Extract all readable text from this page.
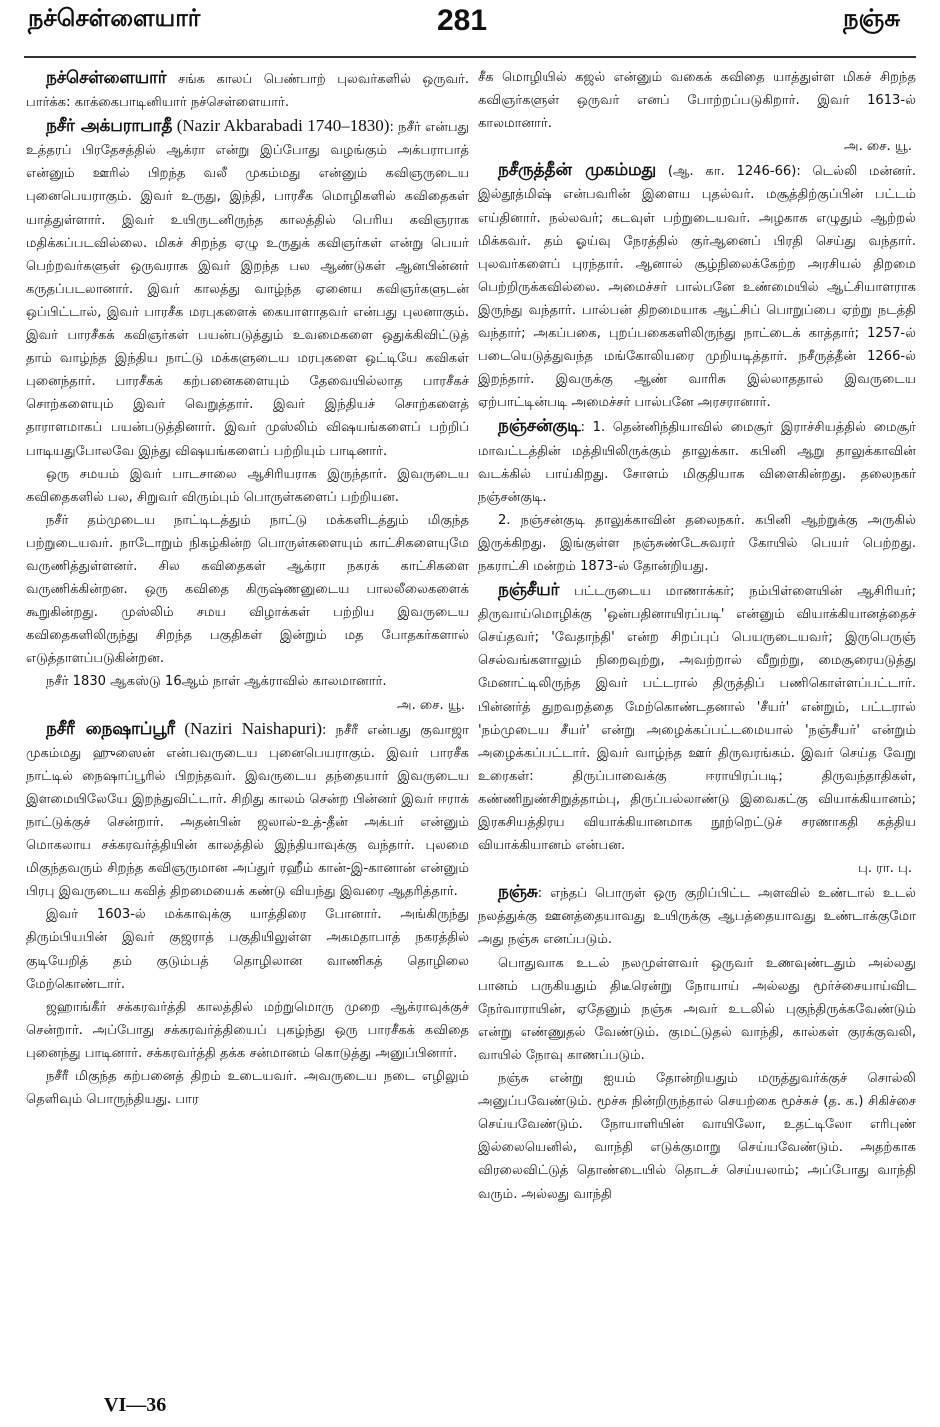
நச்செள்ளையார்	281	நஞ்சு

நச்செள்ளையார் சங்க காலப் பெண்பாற் புலவர்களில் ஒருவர். பார்க்க: காக்கைபாடினியார் நச்செள்ளையார்.

நசீர் அக்பராபாதீ (Nazir Akbarabadi 1740–1830): நசீர் என்பது உத்தரப் பிரதேசத்தில் ஆக்ரா என்று இப்போது வழங்கும் அக்பராபாத் என்னும் ஊரில் பிறந்த வலீ முகம்மது என்னும் கவிஞருடைய புனைபெயராகும். இவர் உருது, இந்தி, பாரசீக மொழிகளில் கவிதைகள் யாத்துள்ளார். இவர் உயிருடனிருந்த காலத்தில் பெரிய கவிஞராக மதிக்கப்படவில்லை. மிகச் சிறந்த ஏழு உருதுக் கவிஞர்கள் என்று பெயர் பெற்றவர்களுள் ஒருவராக இவர் இறந்த பல ஆண்டுகள் ஆனபின்னர் கருதப்படலானார். இவர் காலத்து வாழ்ந்த ஏனைய கவிஞர்களுடன் ஒப்பிட்டால், இவர் பாரசீக மரபுகளைக் கையாளாதவர் என்பது புலனாகும். இவர் பாரசீகக் கவிஞர்கள் பயன்படுத்தும் உவமைகளை ஒதுக்கிவிட்டுத் தாம் வாழ்ந்த இந்திய நாட்டு மக்களுடைய மரபுகளை ஒட்டியே கவிகள் புனைந்தார். பாரசீகக் கற்பனைகளையும் தேவையில்லாத பாரசீகச் சொற்களையும் இவர் வெறுத்தார். இவர் இந்தியச் சொற்களைத் தாராளமாகப் பயன்படுத்தினார். இவர் முஸ்லிம் விஷயங்களைப் பற்றிப் பாடியதுபோலவே இந்து விஷயங்களைப் பற்றியும் பாடினார்.

ஒரு சமயம் இவர் பாடசாலை ஆசிரியராக இருந்தார். இவருடைய கவிதைகளில் பல, சிறுவர் விரும்பும் பொருள்களைப் பற்றியன.

நசீர் தம்முடைய நாட்டிடத்தும் நாட்டு மக்களிடத்தும் மிகுந்த பற்றுடையவர். நாடோறும் நிகழ்கின்ற பொருள்களையும் காட்சிகளையுமே வருணித்துள்ளனர். சில கவிதைகள் ஆக்ரா நகரக் காட்சிகளை வருணிக்கின்றன. ஒரு கவிதை கிருஷ்ணனுடைய பாலலீலைகளைக் கூறுகின்றது. முஸ்லிம் சமய விழாக்கள் பற்றிய இவருடைய கவிதைகளிலிருந்து சிறந்த பகுதிகள் இன்றும் மத போதகர்களால் எடுத்தாளப்படுகின்றன.

நசீர் 1830 ஆகஸ்டு 16ஆம் நாள் ஆக்ராவில் காலமானார்.

அ. சை. யூ.

நசீரீ நைஷாப்பூரீ (Naziri Naishapuri): நசீரீ என்பது குவாஜா முகம்மது ஹுஸைன் என்பவருடைய புனைபெயராகும். இவர் பாரசீக நாட்டில் நைஷாப்பூரில் பிறந்தவர். இவருடைய தந்தையார் இவருடைய இளமையிலேயே இறந்துவிட்டார். சிறிது காலம் சென்ற பின்னர் இவர் ஈராக் நாட்டுக்குச் சென்றார். அதன்பின் ஜலால்-உத்-தீன் அக்பர் என்னும் மொகலாய சக்கரவர்த்தியின் காலத்தில் இந்தியாவுக்கு வந்தார். புலமை மிகுந்தவரும் சிறந்த கவிஞருமான அப்துர் ரஹீம் கான்-இ-கானான் என்னும் பிரபு இவருடைய கவித் திறமையைக் கண்டு வியந்து இவரை ஆதரித்தார்.

இவர் 1603-ல் மக்காவுக்கு யாத்திரை போனார். அங்கிருந்து திரும்பியபின் இவர் குஜராத் பகுதியிலுள்ள அகமதாபாத் நகரத்தில் குடியேறித் தம் குடும்பத் தொழிலான வாணிகத் தொழிலை மேற்கொண்டார்.

ஜஹாங்கீர் சக்கரவர்த்தி காலத்தில் மற்றுமொரு முறை ஆக்ராவுக்குச் சென்றார். அப்போது சக்கரவர்த்தியைப் புகழ்ந்து ஒரு பாரசீகக் கவிதை புனைந்து பாடினார். சக்கரவர்த்தி தக்க சன்மானம் கொடுத்து அனுப்பினார்.

நசீரீ மிகுந்த கற்பனைத் திறம் உடையவர். அவருடைய நடை எழிலும் தெளிவும் பொருந்தியது. பார

சீக மொழியில் கஜல் என்னும் வகைக் கவிதை யாத்துள்ள மிகச் சிறந்த கவிஞர்களுள் ஒருவர் எனப் போற்றப்படுகிறார். இவர் 1613-ல் காலமானார்.

அ. சை. யூ.

நசீருத்தீன் முகம்மது (ஆ. கா. 1246-66): டெல்லி மன்னர். இல்தூத்மிஷ் என்பவரின் இளைய புதல்வர். மசூத்திற்குப்பின் பட்டம் எய்தினார். நல்லவர்; கடவுள் பற்றுடையவர். அழகாக எழுதும் ஆற்றல் மிக்கவர். தம் ஓய்வு நேரத்தில் குர்ஆனைப் பிரதி செய்து வந்தார். புலவர்களைப் புரந்தார். ஆனால் சூழ்நிலைக்கேற்ற அரசியல் திறமை பெற்றிருக்கவில்லை. அமைச்சர் பால்பனே உண்மையில் ஆட்சியாளராக இருந்து வந்தார். பால்பன் திறமையாக ஆட்சிப் பொறுப்பை ஏற்று நடத்தி வந்தார்; அகப்பகை, புறப்பகைகளிலிருந்து நாட்டைக் காத்தார்; 1257-ல் படையெடுத்துவந்த மங்கோலியரை முறியடித்தார். நசீருத்தீன் 1266-ல் இறந்தார். இவருக்கு ஆண் வாரிசு இல்லாததால் இவருடைய ஏற்பாட்டின்படி அமைச்சர் பால்பனே அரசரானார்.

நஞ்சன்குடி: 1. தென்னிந்தியாவில் மைசூர் இராச்சியத்தில் மைசூர் மாவட்டத்தின் மத்தியிலிருக்கும் தாலுக்கா. கபினி ஆறு தாலுக்காவின் வடக்கில் பாய்கிறது. சோளம் மிகுதியாக விளைகின்றது. தலைநகர் நஞ்சன்குடி.

2. நஞ்சன்குடி தாலுக்காவின் தலைநகர். கபினி ஆற்றுக்கு அருகில் இருக்கிறது. இங்குள்ள நஞ்சுண்டேசுவரர் கோயில் பெயர் பெற்றது. நகராட்சி மன்றம் 1873-ல் தோன்றியது.

நஞ்சீயர் பட்டருடைய மாணாக்கர்; நம்பிள்ளையின் ஆசிரியர்; திருவாய்மொழிக்கு 'ஒன்பதினாயிரப்படி' என்னும் வியாக்கியானத்தைச் செய்தவர்; 'வேதாந்தி' என்ற சிறப்புப் பெயருடையவர்; இருபெருஞ் செல்வங்களாலும் நிறைவுற்று, அவற்றால் வீறுற்று, மைசூரையடுத்து மேனாட்டிலிருந்த இவர் பட்டரால் திருத்திப் பணிகொள்ளப்பட்டார். பின்னர்த் துறவறத்தை மேற்கொண்டதனால் 'சீயர்' என்றும், பட்டரால் 'நம்முடைய சீயர்' என்று அழைக்கப்பட்டமையால் 'நஞ்சீயர்' என்றும் அழைக்கப்பட்டார். இவர் வாழ்ந்த ஊர் திருவரங்கம். இவர் செய்த வேறு உரைகள்: திருப்பாவைக்கு ஈராயிரப்படி; திருவந்தாதிகள், கண்ணிநுண்சிறுத்தாம்பு, திருப்பல்லாண்டு இவைகட்கு வியாக்கியானம்; இரகசியத்திரய வியாக்கியானமாக நூற்றெட்டுச் சரணாகதி கத்திய வியாக்கியானம் என்பன.

பு. ரா. பு.

நஞ்சு: எந்தப் பொருள் ஒரு குறிப்பிட்ட அளவில் உண்டால் உடல் நலத்துக்கு ஊனத்தையாவது உயிருக்கு ஆபத்தையாவது உண்டாக்குமோ அது நஞ்சு எனப்படும்.

பொதுவாக உடல் நலமுள்ளவர் ஒருவர் உணவுண்டதும் அல்லது பானம் பருகியதும் திடீரென்று நோயாய் அல்லது மூர்ச்சையாய்விட நேர்வாராயின், ஏதேனும் நஞ்சு அவர் உடலில் புகுந்திருக்கவேண்டும் என்று எண்ணுதல் வேண்டும். குமட்டுதல் வாந்தி, கால்கள் குரக்குவலி, வாயில் நோவு காணப்படும்.

நஞ்சு என்று ஐயம் தோன்றியதும் மருத்துவர்க்குச் சொல்லி அனுப்பவேண்டும். மூச்சு நின்றிருந்தால் செயற்கை மூச்சுச் (த. க.) சிகிச்சை செய்யவேண்டும். நோயாளியின் வாயிலோ, உதட்டிலோ எரிபுண் இல்லையெனில், வாந்தி எடுக்குமாறு செய்யவேண்டும். அதற்காக விரலைவிட்டுத் தொண்டையில் தொடச் செய்யலாம்; அப்போது வாந்தி வரும். அல்லது வாந்தி

VI—36
